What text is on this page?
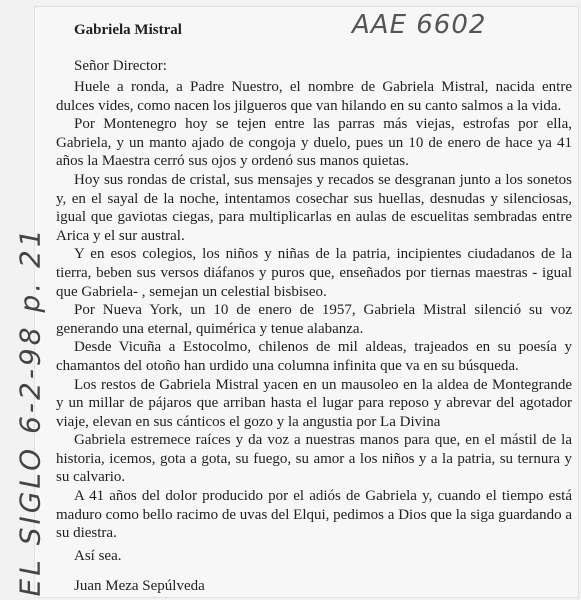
AAE 6602
EL SIGLO 6-2-98 p. 21
Gabriela Mistral
Señor Director:

Huele a ronda, a Padre Nuestro, el nombre de Gabriela Mistral, nacida entre dulces vides, como nacen los jilgueros que van hilando en su canto salmos a la vida.

Por Montenegro hoy se tejen entre las parras más viejas, estrofas por ella, Gabriela, y un manto ajado de congoja y duelo, pues un 10 de enero de hace ya 41 años la Maestra cerró sus ojos y ordenó sus manos quietas.

Hoy sus rondas de cristal, sus mensajes y recados se desgranan junto a los sonetos y, en el sayal de la noche, intentamos cosechar sus huellas, desnudas y silenciosas, igual que gaviotas ciegas, para multiplicarlas en aulas de escuelitas sembradas entre Arica y el sur austral.

Y en esos colegios, los niños y niñas de la patria, incipientes ciudadanos de la tierra, beben sus versos diáfanos y puros que, enseñados por tiernas maestras - igual que Gabriela- , semejan un celestial bisbiseo.

Por Nueva York, un 10 de enero de 1957, Gabriela Mistral silenció su voz generando una eternal, quimérica y tenue alabanza.

Desde Vicuña a Estocolmo, chilenos de mil aldeas, trajeados en su poesía y chamantos del otoño han urdido una columna infinita que va en su búsqueda.

Los restos de Gabriela Mistral yacen en un mausoleo en la aldea de Montegrande y un millar de pájaros que arriban hasta el lugar para reposo y abrevar del agotador viaje, elevan en sus cánticos el gozo y la angustia por La Divina

Gabriela estremece raíces y da voz a nuestras manos para que, en el mástil de la historia, icemos, gota a gota, su fuego, su amor a los niños y a la patria, su ternura y su calvario.

A 41 años del dolor producido por el adiós de Gabriela y, cuando el tiempo está maduro como bello racimo de uvas del Elqui, pedimos a Dios que la siga guardando a su diestra.

Así sea.
Juan Meza Sepúlveda
